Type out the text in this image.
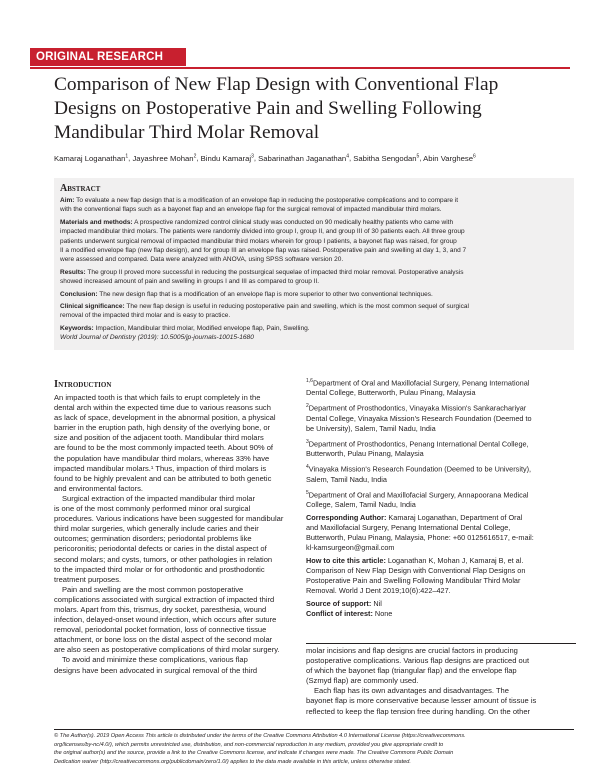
ORIGINAL RESEARCH
Comparison of New Flap Design with Conventional Flap
Designs on Postoperative Pain and Swelling Following
Mandibular Third Molar Removal
Kamaraj Loganathan$^1$, Jayashree Mohan$^2$, Bindu Kamaraj$^3$, Sabarinathan Jaganathan$^4$, Sabitha Sengodan$^5$, Abin Varghese$^6$
Abstract
Aim: To evaluate a new flap design that is a modification of an envelope flap in reducing the postoperative complications and to compare it
with the conventional flaps such as a bayonet flap and an envelope flap for the surgical removal of impacted mandibular third molars.
Materials and methods: A prospective randomized control clinical study was conducted on 90 medically healthy patients who came with
impacted mandibular third molars. The patients were randomly divided into group I, group II, and group III of 30 patients each. All three group
patients underwent surgical removal of impacted mandibular third molars wherein for group I patients, a bayonet flap was raised, for group
II a modified envelope flap (new flap design), and for group III an envelope flap was raised. Postoperative pain and swelling at day 1, 3, and 7
were assessed and compared. Data were analyzed with ANOVA, using SPSS software version 20.
Results: The group II proved more successful in reducing the postsurgical sequelae of impacted third molar removal. Postoperative analysis
showed increased amount of pain and swelling in groups I and III as compared to group II.
Conclusion: The new design flap that is a modification of an envelope flap is more superior to other two conventional techniques.
Clinical significance: The new flap design is useful in reducing postoperative pain and swelling, which is the most common sequel of surgical
removal of the impacted third molar and is easy to practice.
Keywords: Impaction, Mandibular third molar, Modified envelope flap, Pain, Swelling.
World Journal of Dentistry (2019): 10.5005/jp-journals-10015-1680
Introduction
An impacted tooth is that which fails to erupt completely in the
dental arch within the expected time due to various reasons such
as lack of space, development in the abnormal position, a physical
barrier in the eruption path, high density of the overlying bone, or
size and position of the adjacent tooth. Mandibular third molars
are found to be the most commonly impacted teeth. About 90% of
the population have mandibular third molars, whereas 33% have
impacted mandibular molars.¹ Thus, impaction of third molars is
found to be highly prevalent and can be attributed to both genetic
and environmental factors.
Surgical extraction of the impacted mandibular third molar
is one of the most commonly performed minor oral surgical
procedures. Various indications have been suggested for mandibular
third molar surgeries, which generally include caries and their
outcomes; germination disorders; periodontal problems like
pericoronitis; periodontal defects or caries in the distal aspect of
second molars; and cysts, tumors, or other pathologies in relation
to the impacted third molar or for orthodontic and prosthodontic
treatment purposes.
Pain and swelling are the most common postoperative
complications associated with surgical extraction of impacted third
molars. Apart from this, trismus, dry socket, paresthesia, wound
infection, delayed-onset wound infection, which occurs after suture
removal, periodontal pocket formation, loss of connective tissue
attachment, or bone loss on the distal aspect of the second molar
are also seen as postoperative complications of third molar surgery.
To avoid and minimize these complications, various flap
designs have been advocated in surgical removal of the third
$^{1,6}$Department of Oral and Maxillofacial Surgery, Penang International
Dental College, Butterworth, Pulau Pinang, Malaysia
$^2$Department of Prosthodontics, Vinayaka Mission's Sankarachariyar
Dental College, Vinayaka Mission's Research Foundation (Deemed to
be University), Salem, Tamil Nadu, India
$^3$Department of Prosthodontics, Penang International Dental College,
Butterworth, Pulau Pinang, Malaysia
$^4$Vinayaka Mission's Research Foundation (Deemed to be University),
Salem, Tamil Nadu, India
$^5$Department of Oral and Maxillofacial Surgery, Annapoorana Medical
College, Salem, Tamil Nadu, India
Corresponding Author: Kamaraj Loganathan, Department of Oral
and Maxillofacial Surgery, Penang International Dental College,
Butterworth, Pulau Pinang, Malaysia, Phone: +60 0125616517, e-mail:
kl-kamsurgeon@gmail.com
How to cite this article: Loganathan K, Mohan J, Kamaraj B, et al.
Comparison of New Flap Design with Conventional Flap Designs on
Postoperative Pain and Swelling Following Mandibular Third Molar
Removal. World J Dent 2019;10(6):422–427.
Source of support: Nil
Conflict of interest: None
molar incisions and flap designs are crucial factors in producing
postoperative complications. Various flap designs are practiced out
of which the bayonet flap (triangular flap) and the envelope flap
(Szmyd flap) are commonly used.
Each flap has its own advantages and disadvantages. The
bayonet flap is more conservative because lesser amount of tissue is
reflected to keep the flap tension free during handling. On the other
© The Author(s). 2019 Open Access This article is distributed under the terms of the Creative Commons Attribution 4.0 International License (https://creativecommons.
org/licenses/by-nc/4.0/), which permits unrestricted use, distribution, and non-commercial reproduction in any medium, provided you give appropriate credit to
the original author(s) and the source, provide a link to the Creative Commons license, and indicate if changes were made. The Creative Commons Public Domain
Dedication waiver (http://creativecommons.org/publicdomain/zero/1.0/) applies to the data made available in this article, unless otherwise stated.
